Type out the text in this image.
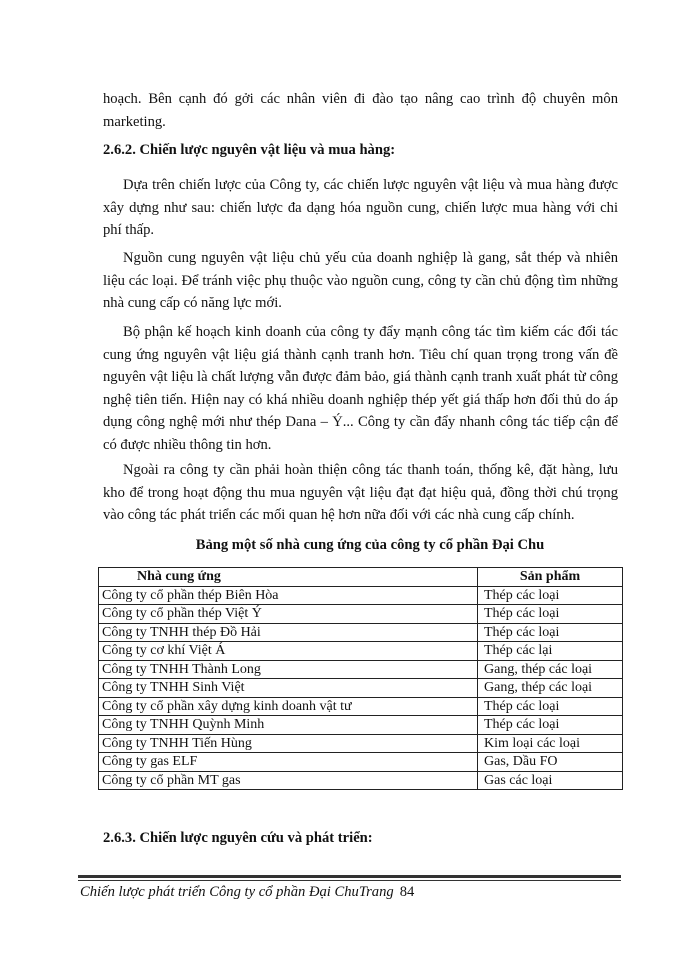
hoạch. Bên cạnh đó gởi các nhân viên đi đào tạo nâng cao trình độ chuyên môn marketing.

2.6.2. Chiến lược nguyên vật liệu và mua hàng:

Dựa trên chiến lược của Công ty, các chiến lược nguyên vật liệu và mua hàng được xây dựng như sau: chiến lược đa dạng hóa nguồn cung, chiến lược mua hàng với chi phí thấp.

Nguồn cung nguyên vật liệu chủ yếu của doanh nghiệp là gang, sắt thép và nhiên liệu các loại. Để tránh việc phụ thuộc vào nguồn cung, công ty cần chủ động tìm những nhà cung cấp có năng lực mới.

Bộ phận kế hoạch kinh doanh của công ty đẩy mạnh công tác tìm kiếm các đối tác cung ứng nguyên vật liệu giá thành cạnh tranh hơn. Tiêu chí quan trọng trong vấn đề nguyên vật liệu là chất lượng vẫn được đảm bảo, giá thành cạnh tranh xuất phát từ công nghệ tiên tiến. Hiện nay có khá nhiều doanh nghiệp thép yết giá thấp hơn đối thủ do áp dụng công nghệ mới như thép Dana – Ý... Công ty cần đẩy nhanh công tác tiếp cận để có được nhiều thông tin hơn.

Ngoài ra công ty cần phải hoàn thiện công tác thanh toán, thống kê, đặt hàng, lưu kho để trong hoạt động thu mua nguyên vật liệu đạt đạt hiệu quả, đồng thời chú trọng vào công tác phát triển các mối quan hệ hơn nữa đối với các nhà cung cấp chính.

Bảng một số nhà cung ứng của công ty cổ phần Đại Chu

Nhà cung ứng	Sản phẩm
Công ty cổ phần thép Biên Hòa	Thép các loại
Công ty cổ phần thép Việt Ý	Thép các loại
Công ty TNHH thép Đồ Hải	Thép các loại
Công ty cơ khí Việt Á	Thép các lại
Công ty TNHH Thành Long	Gang, thép các loại
Công ty TNHH Sinh Việt	Gang, thép các loại
Công ty cổ phần xây dựng kinh doanh vật tư	Thép các loại
Công ty TNHH Quỳnh Minh	Thép các loại
Công ty TNHH Tiến Hùng	Kim loại các loại
Công ty gas ELF	Gas, Dầu FO
Công ty cổ phần MT gas	Gas các loại

2.6.3. Chiến lược nguyên cứu và phát triển:

Chiến lược phát triển Công ty cổ phần Đại ChuTrang 84
